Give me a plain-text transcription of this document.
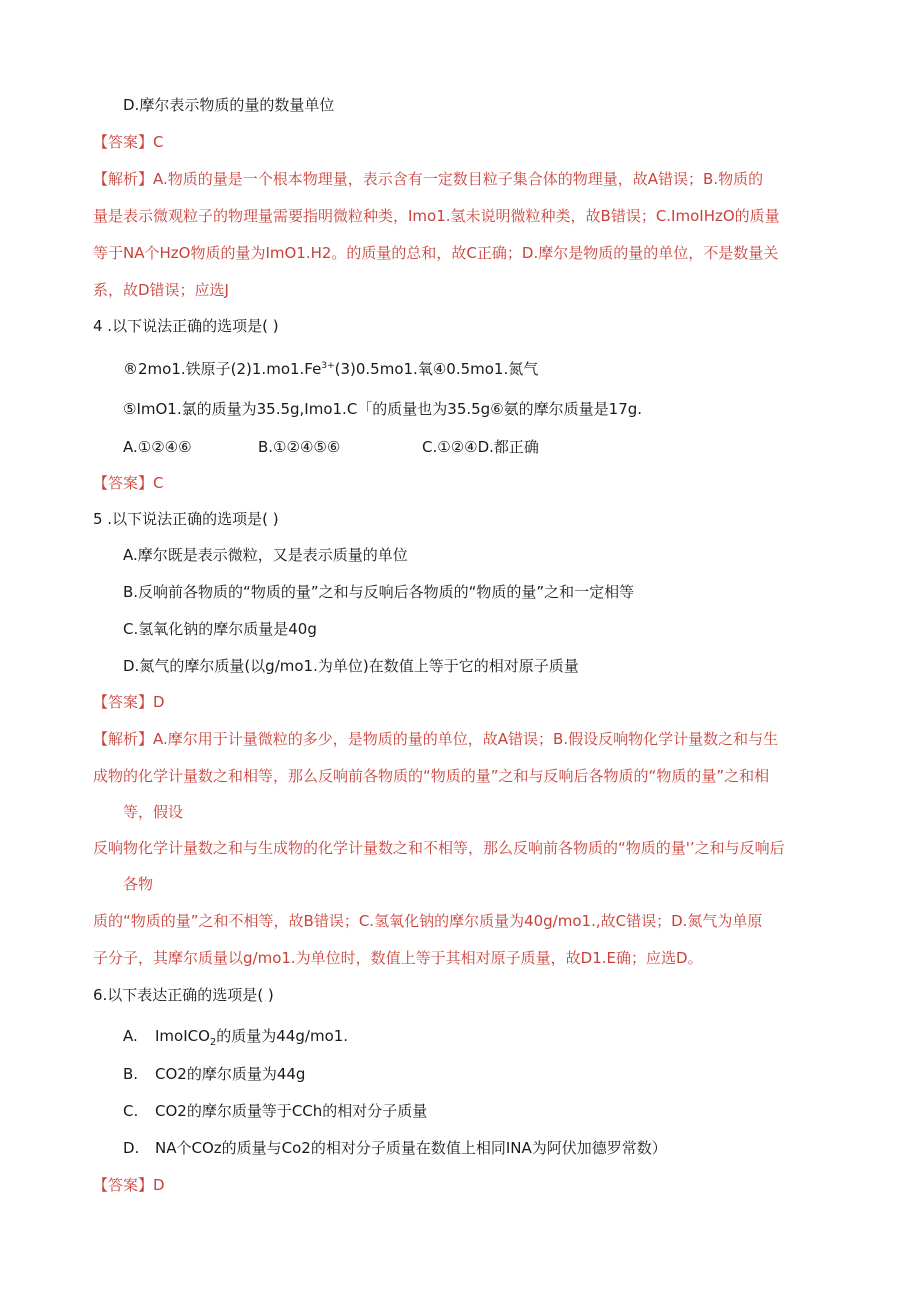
D.摩尔表示物质的量的数量单位
【答案】C
【解析】A.物质的量是一个根本物理量，表示含有一定数目粒子集合体的物理量，故A错误；B.物质的
量是表示微观粒子的物理量需要指明微粒种类，Imo1.氢未说明微粒种类，故B错误；C.ImoIHzO的质量
等于NA个HzO物质的量为ImO1.H2。的质量的总和，故C正确；D.摩尔是物质的量的单位，不是数量关
系，故D错误；应选J
4 .以下说法正确的选项是( )
®2mo1.铁原子$(2)1.mo1.Fe^{3+}(3)0.5mo1$.氧④0.5mo1.氮气
⑤ImO1.氯的质量为35.5g,Imo1.C「的质量也为35.5g⑥氨的摩尔质量是17g.
A.①②④⑥	B.①②④⑤⑥	C.①②④D.都正确
【答案】C
5 .以下说法正确的选项是( )
A.摩尔既是表示微粒，又是表示质量的单位
B.反响前各物质的“物质的量”之和与反响后各物质的“物质的量”之和一定相等
C.氢氧化钠的摩尔质量是40g
D.氮气的摩尔质量(以g/mo1.为单位)在数值上等于它的相对原子质量
【答案】D
【解析】A.摩尔用于计量微粒的多少，是物质的量的单位，故A错误；B.假设反响物化学计量数之和与生
成物的化学计量数之和相等，那么反响前各物质的“物质的量”之和与反响后各物质的“物质的量”之和相
等，假设
反响物化学计量数之和与生成物的化学计量数之和不相等，那么反响前各物质的“物质的量'’之和与反响后
各物
质的“物质的量”之和不相等，故B错误；C.氢氧化钠的摩尔质量为40g∕mo1.,故C错误；D.氮气为单原
子分子，其摩尔质量以g/mo1.为单位时，数值上等于其相对原子质量，故D1.E确；应选D。
6.以下表达正确的选项是( )
A. ImoICO$_2$的质量为44g∕mo1.
B. CO2的摩尔质量为44g
C. CO2的摩尔质量等于CCh的相对分子质量
D. NA个COz的质量与Co2的相对分子质量在数值上相同INA为阿伏加德罗常数）
【答案】D
